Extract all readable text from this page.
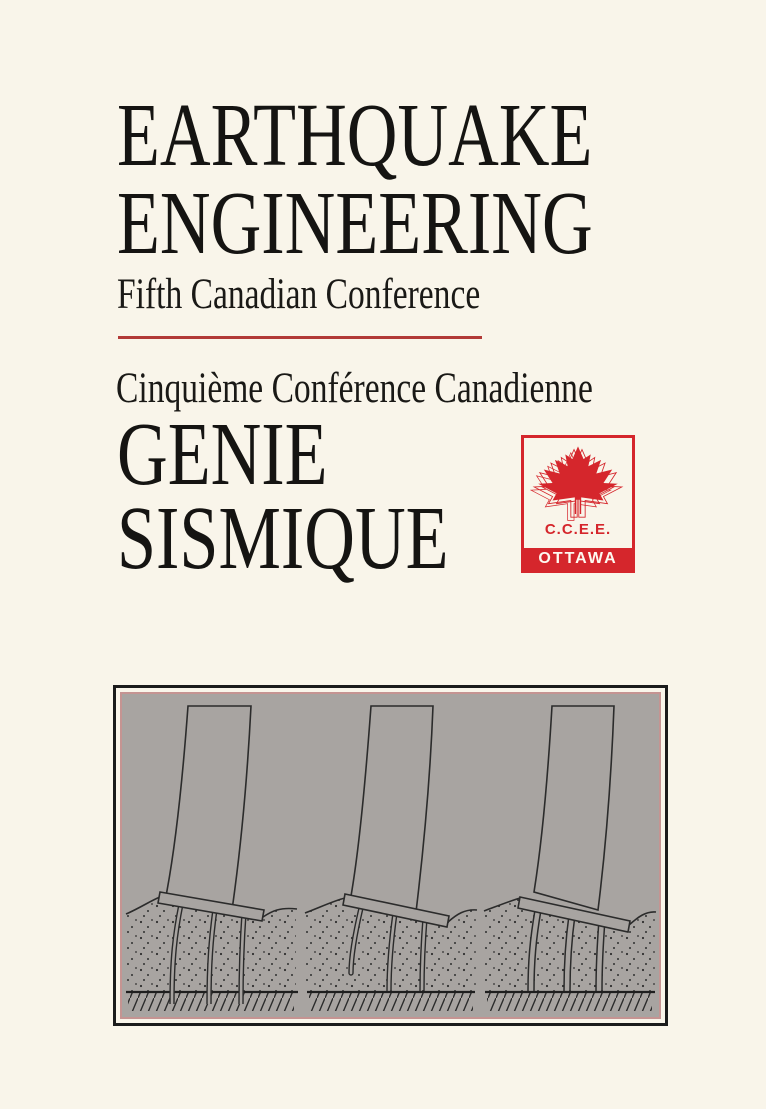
EARTHQUAKE
ENGINEERING
Fifth Canadian Conference
Cinquième Conférence Canadienne
GENIE
SISMIQUE	C.C.E.E.
OTTAWA
